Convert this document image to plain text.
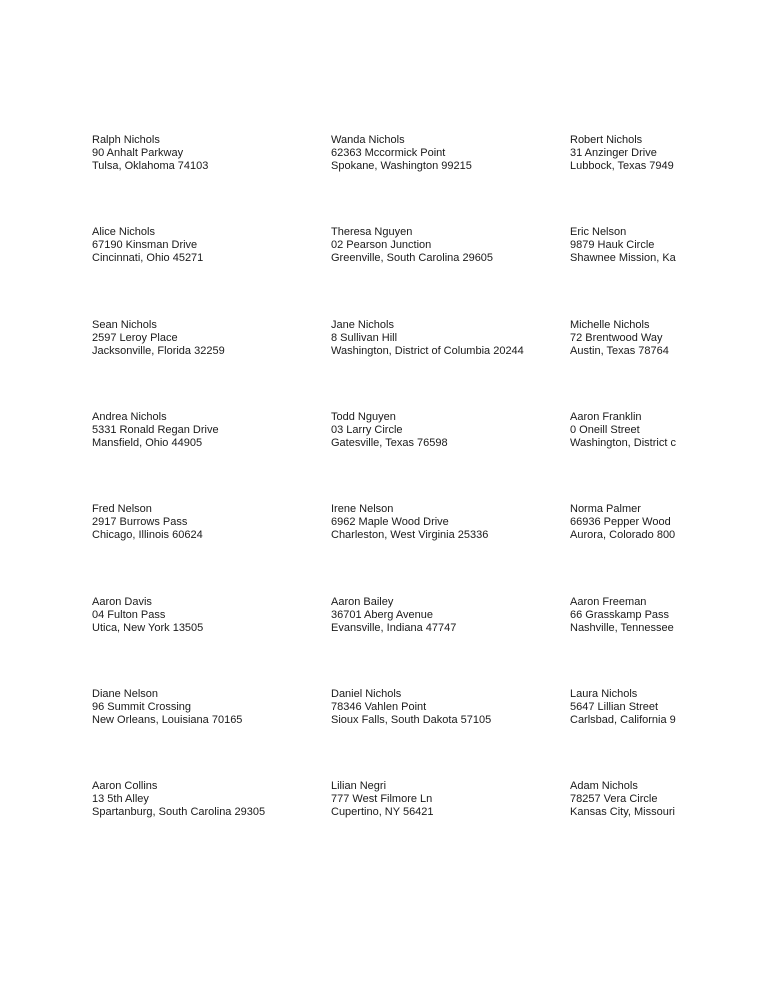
Ralph Nichols
90 Anhalt Parkway
Tulsa, Oklahoma 74103
Wanda Nichols
62363 Mccormick Point
Spokane, Washington 99215
Robert Nichols
31 Anzinger Drive
Lubbock, Texas 7949
Alice Nichols
67190 Kinsman Drive
Cincinnati, Ohio 45271
Theresa Nguyen
02 Pearson Junction
Greenville, South Carolina 29605
Eric Nelson
9879 Hauk Circle
Shawnee Mission, Ka
Sean Nichols
2597 Leroy Place
Jacksonville, Florida 32259
Jane Nichols
8 Sullivan Hill
Washington, District of Columbia 20244
Michelle Nichols
72 Brentwood Way
Austin, Texas 78764
Andrea Nichols
5331 Ronald Regan Drive
Mansfield, Ohio 44905
Todd Nguyen
03 Larry Circle
Gatesville, Texas 76598
Aaron Franklin
0 Oneill Street
Washington, District c
Fred Nelson
2917 Burrows Pass
Chicago, Illinois 60624
Irene Nelson
6962 Maple Wood Drive
Charleston, West Virginia 25336
Norma Palmer
66936 Pepper Wood
Aurora, Colorado 800
Aaron Davis
04 Fulton Pass
Utica, New York 13505
Aaron Bailey
36701 Aberg Avenue
Evansville, Indiana 47747
Aaron Freeman
66 Grasskamp Pass
Nashville, Tennessee
Diane Nelson
96 Summit Crossing
New Orleans, Louisiana 70165
Daniel Nichols
78346 Vahlen Point
Sioux Falls, South Dakota 57105
Laura Nichols
5647 Lillian Street
Carlsbad, California 9
Aaron Collins
13 5th Alley
Spartanburg, South Carolina 29305
Lilian Negri
777 West Filmore Ln
Cupertino, NY 56421
Adam Nichols
78257 Vera Circle
Kansas City, Missouri
